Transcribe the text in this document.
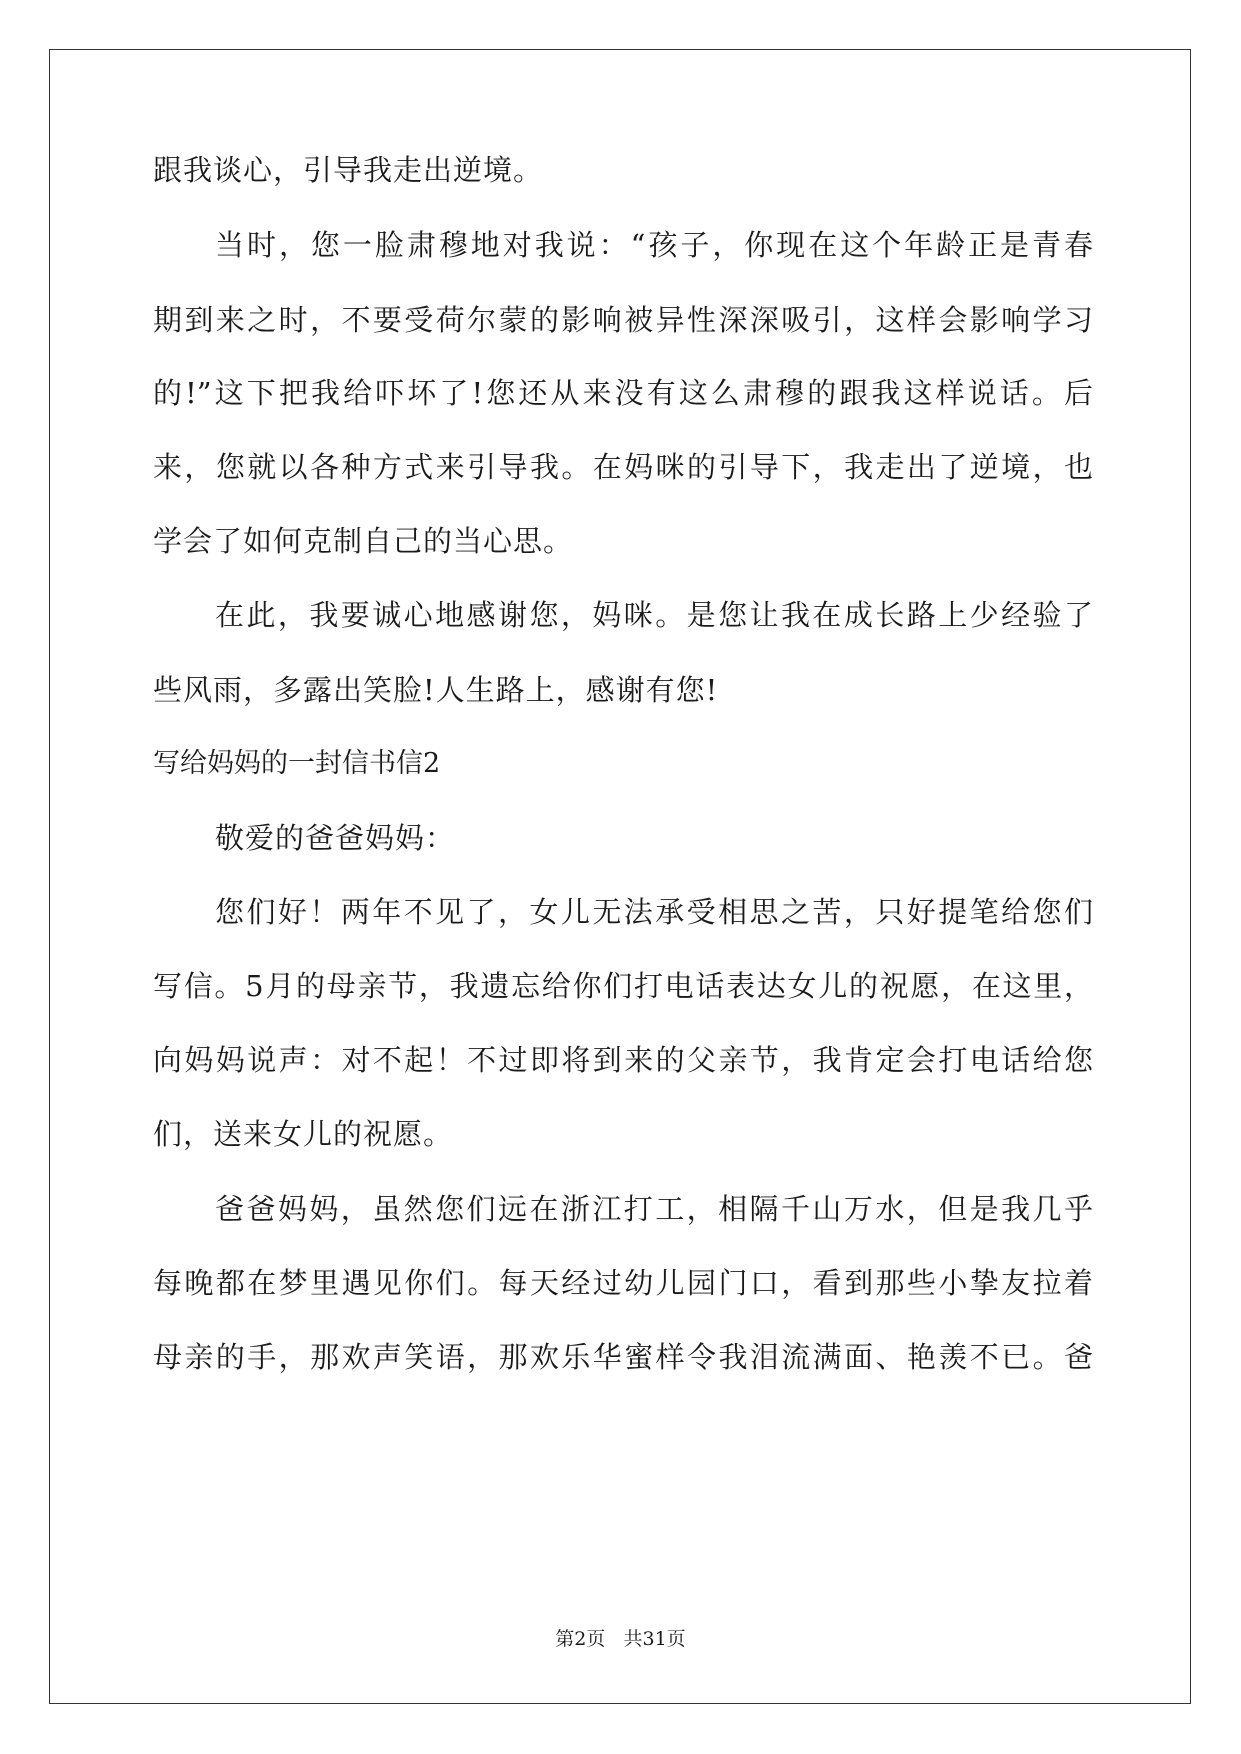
跟我谈心，引导我走出逆境。
当时，您一脸肃穆地对我说：“孩子，你现在这个年龄正是青春
期到来之时，不要受荷尔蒙的影响被异性深深吸引，这样会影响学习
的!”这下把我给吓坏了!您还从来没有这么肃穆的跟我这样说话。后
来，您就以各种方式来引导我。在妈咪的引导下，我走出了逆境，也
学会了如何克制自己的当心思。
在此，我要诚心地感谢您，妈咪。是您让我在成长路上少经验了
些风雨，多露出笑脸!人生路上，感谢有您!
写给妈妈的一封信书信2
敬爱的爸爸妈妈：
您们好！两年不见了，女儿无法承受相思之苦，只好提笔给您们
写信。5月的母亲节，我遗忘给你们打电话表达女儿的祝愿，在这里，
向妈妈说声：对不起！不过即将到来的父亲节，我肯定会打电话给您
们，送来女儿的祝愿。
爸爸妈妈，虽然您们远在浙江打工，相隔千山万水，但是我几乎
每晚都在梦里遇见你们。每天经过幼儿园门口，看到那些小挚友拉着
母亲的手，那欢声笑语，那欢乐华蜜样令我泪流满面、艳羡不已。爸
第2页   共31页
